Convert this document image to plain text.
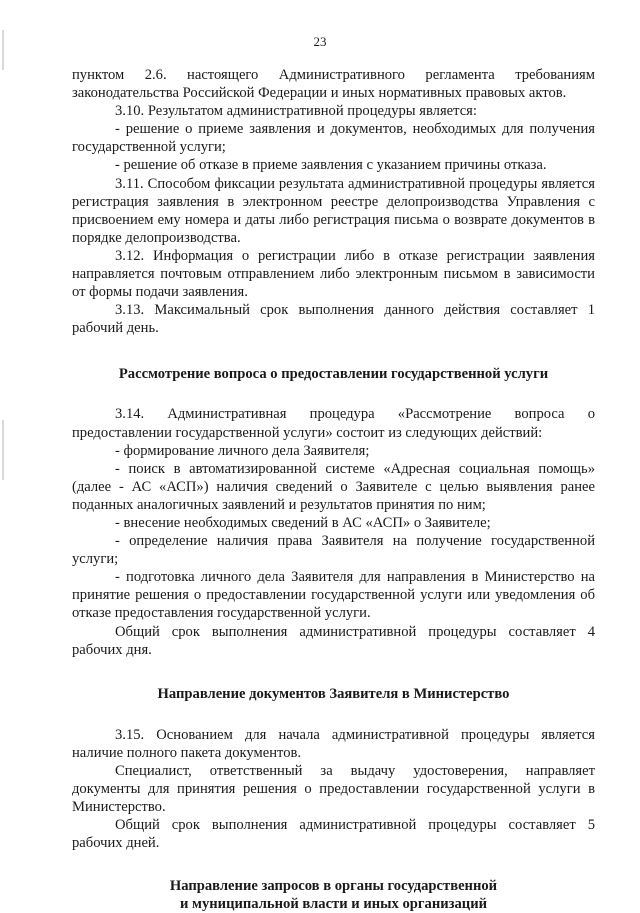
23

пунктом 2.6. настоящего Административного регламента требованиям законодательства Российской Федерации и иных нормативных правовых актов.

3.10. Результатом административной процедуры является:

- решение о приеме заявления и документов, необходимых для получения государственной услуги;

- решение об отказе в приеме заявления с указанием причины отказа.

3.11. Способом фиксации результата административной процедуры является регистрация заявления в электронном реестре делопроизводства Управления с присвоением ему номера и даты либо регистрация письма о возврате документов в порядке делопроизводства.

3.12. Информация о регистрации либо в отказе регистрации заявления направляется почтовым отправлением либо электронным письмом в зависимости от формы подачи заявления.

3.13. Максимальный срок выполнения данного действия составляет 1 рабочий день.

Рассмотрение вопроса о предоставлении государственной услуги

3.14. Административная процедура «Рассмотрение вопроса о предоставлении государственной услуги» состоит из следующих действий:

- формирование личного дела Заявителя;

- поиск в автоматизированной системе «Адресная социальная помощь» (далее - АС «АСП») наличия сведений о Заявителе с целью выявления ранее поданных аналогичных заявлений и результатов принятия по ним;

- внесение необходимых сведений в АС «АСП» о Заявителе;

- определение наличия права Заявителя на получение государственной услуги;

- подготовка личного дела Заявителя для направления в Министерство на принятие решения о предоставлении государственной услуги или уведомления об отказе предоставления государственной услуги.

Общий срок выполнения административной процедуры составляет 4 рабочих дня.

Направление документов Заявителя в Министерство

3.15. Основанием для начала административной процедуры является наличие полного пакета документов.

Специалист, ответственный за выдачу удостоверения, направляет документы для принятия решения о предоставлении государственной услуги в Министерство.

Общий срок выполнения административной процедуры составляет 5 рабочих дней.

Направление запросов в органы государственной
и муниципальной власти и иных организаций
